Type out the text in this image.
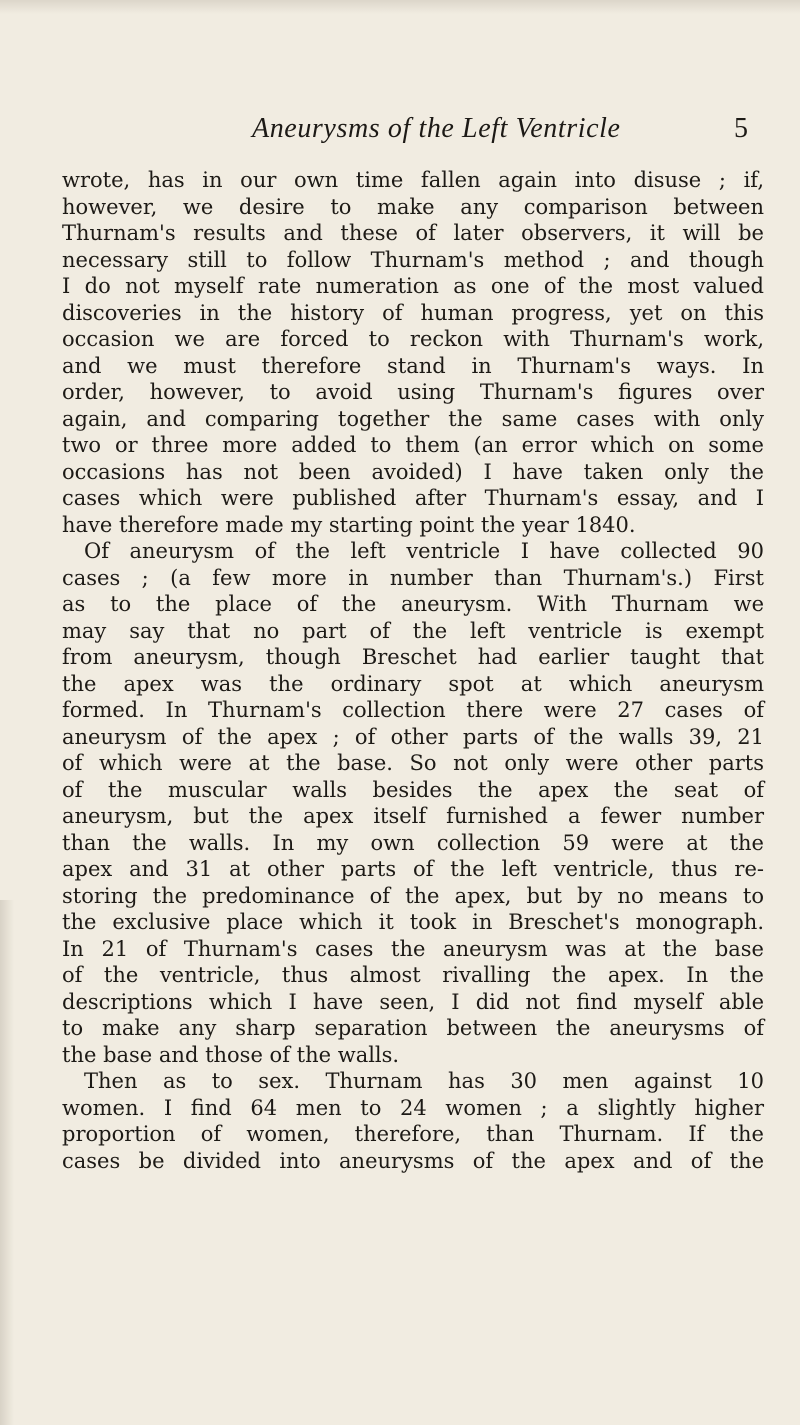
Aneurysms of the Left Ventricle	5
wrote, has in our own time fallen again into disuse ; if,
however, we desire to make any comparison between
Thurnam's results and these of later observers, it will be
necessary still to follow Thurnam's method ; and though
I do not myself rate numeration as one of the most valued
discoveries in the history of human progress, yet on this
occasion we are forced to reckon with Thurnam's work,
and we must therefore stand in Thurnam's ways. In
order, however, to avoid using Thurnam's figures over
again, and comparing together the same cases with only
two or three more added to them (an error which on some
occasions has not been avoided) I have taken only the
cases which were published after Thurnam's essay, and I
have therefore made my starting point the year 1840.
Of aneurysm of the left ventricle I have collected 90
cases ; (a few more in number than Thurnam's.) First
as to the place of the aneurysm. With Thurnam we
may say that no part of the left ventricle is exempt
from aneurysm, though Breschet had earlier taught that
the apex was the ordinary spot at which aneurysm
formed. In Thurnam's collection there were 27 cases of
aneurysm of the apex ; of other parts of the walls 39, 21
of which were at the base. So not only were other parts
of the muscular walls besides the apex the seat of
aneurysm, but the apex itself furnished a fewer number
than the walls. In my own collection 59 were at the
apex and 31 at other parts of the left ventricle, thus re-
storing the predominance of the apex, but by no means to
the exclusive place which it took in Breschet's monograph.
In 21 of Thurnam's cases the aneurysm was at the base
of the ventricle, thus almost rivalling the apex. In the
descriptions which I have seen, I did not find myself able
to make any sharp separation between the aneurysms of
the base and those of the walls.
Then as to sex. Thurnam has 30 men against 10
women. I find 64 men to 24 women ; a slightly higher
proportion of women, therefore, than Thurnam. If the
cases be divided into aneurysms of the apex and of the
